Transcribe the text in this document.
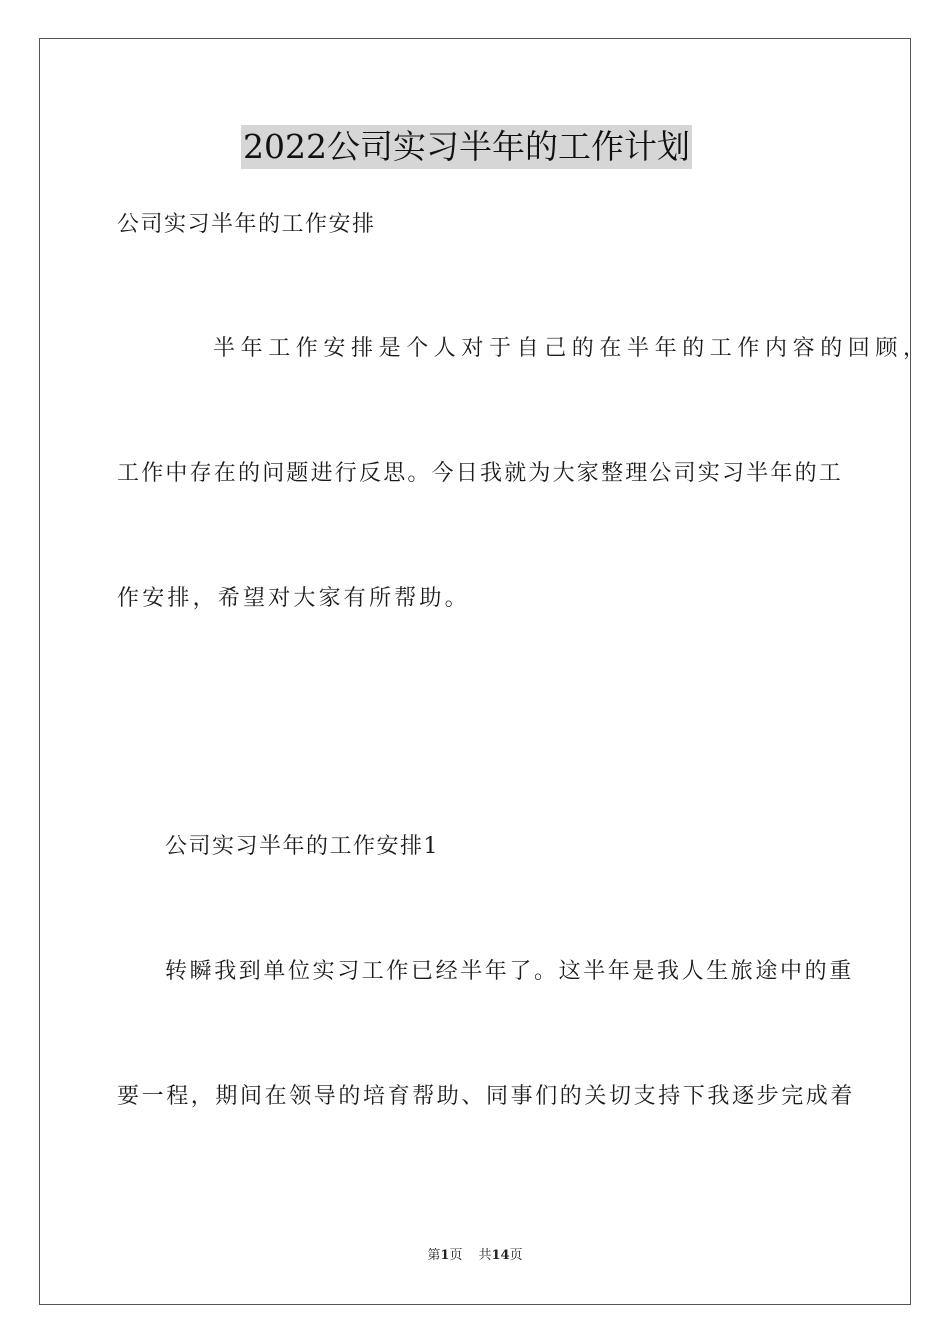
2022公司实习半年的工作计划
公司实习半年的工作安排
半年工作安排是个人对于自己的在半年的工作内容的回顾，
工作中存在的问题进行反思。今日我就为大家整理公司实习半年的工
作安排，希望对大家有所帮助。
公司实习半年的工作安排1
转瞬我到单位实习工作已经半年了。这半年是我人生旅途中的重
要一程，期间在领导的培育帮助、同事们的关切支持下我逐步完成着
第1页 共14页
